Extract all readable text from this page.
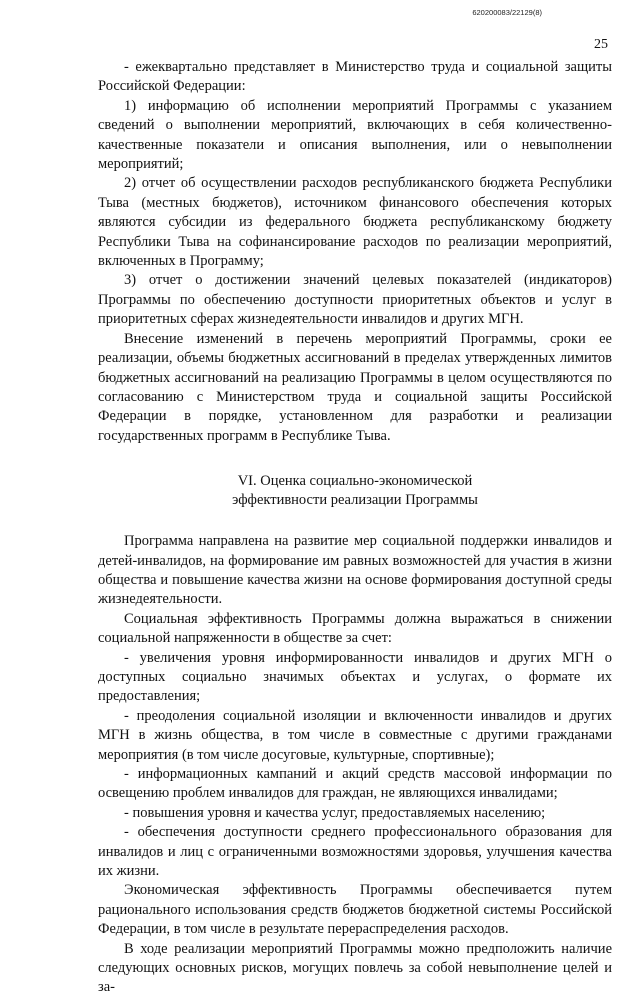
620200083/22129(8)
25

- ежеквартально представляет в Министерство труда и социальной защиты Российской Федерации:

1) информацию об исполнении мероприятий Программы с указанием сведений о выполнении мероприятий, включающих в себя количественно-качественные показатели и описания выполнения, или о невыполнении мероприятий;

2) отчет об осуществлении расходов республиканского бюджета Республики Тыва (местных бюджетов), источником финансового обеспечения которых являются субсидии из федерального бюджета республиканскому бюджету Республики Тыва на софинансирование расходов по реализации мероприятий, включенных в Программу;

3) отчет о достижении значений целевых показателей (индикаторов) Программы по обеспечению доступности приоритетных объектов и услуг в приоритетных сферах жизнедеятельности инвалидов и других МГН.

Внесение изменений в перечень мероприятий Программы, сроки ее реализации, объемы бюджетных ассигнований в пределах утвержденных лимитов бюджетных ассигнований на реализацию Программы в целом осуществляются по согласованию с Министерством труда и социальной защиты Российской Федерации в порядке, установленном для разработки и реализации государственных программ в Республике Тыва.

VI. Оценка социально-экономической
эффективности реализации Программы

Программа направлена на развитие мер социальной поддержки инвалидов и детей-инвалидов, на формирование им равных возможностей для участия в жизни общества и повышение качества жизни на основе формирования доступной среды жизнедеятельности.

Социальная эффективность Программы должна выражаться в снижении социальной напряженности в обществе за счет:

- увеличения уровня информированности инвалидов и других МГН о доступных социально значимых объектах и услугах, о формате их предоставления;

- преодоления социальной изоляции и включенности инвалидов и других МГН в жизнь общества, в том числе в совместные с другими гражданами мероприятия (в том числе досуговые, культурные, спортивные);

- информационных кампаний и акций средств массовой информации по освещению проблем инвалидов для граждан, не являющихся инвалидами;

- повышения уровня и качества услуг, предоставляемых населению;

- обеспечения доступности среднего профессионального образования для инвалидов и лиц с ограниченными возможностями здоровья, улучшения качества их жизни.

Экономическая эффективность Программы обеспечивается путем рационального использования средств бюджетов бюджетной системы Российской Федерации, в том числе в результате перераспределения расходов.

В ходе реализации мероприятий Программы можно предположить наличие следующих основных рисков, могущих повлечь за собой невыполнение целей и за-
